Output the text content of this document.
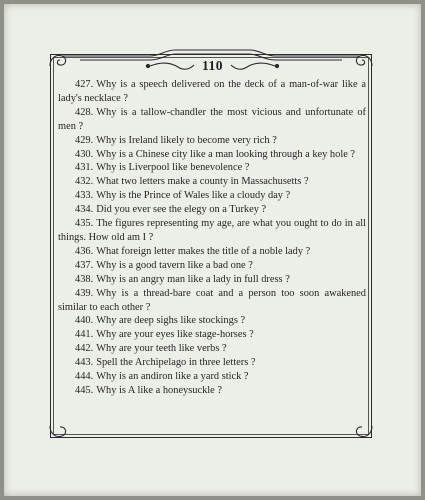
110

427. Why is a speech delivered on the deck of a man-of-war like a lady's necklace ?

428. Why is a tallow-chandler the most vicious and unfortunate of men ?

429. Why is Ireland likely to become very rich ?

430. Why is a Chinese city like a man looking through a key hole ?

431. Why is Liverpool like benevolence ?

432. What two letters make a county in Massachusetts ?

433. Why is the Prince of Wales like a cloudy day ?

434. Did you ever see the elegy on a Turkey ?

435. The figures representing my age, are what you ought to do in all things. How old am I ?

436. What foreign letter makes the title of a noble lady ?

437. Why is a good tavern like a bad one ?

438. Why is an angry man like a lady in full dress ?

439. Why is a thread-bare coat and a person too soon awakened similar to each other ?

440. Why are deep sighs like stockings ?

441. Why are your eyes like stage-horses ?

442. Why are your teeth like verbs ?

443. Spell the Archipelago in three letters ?

444. Why is an andiron like a yard stick ?

445. Why is A like a honeysuckle ?
